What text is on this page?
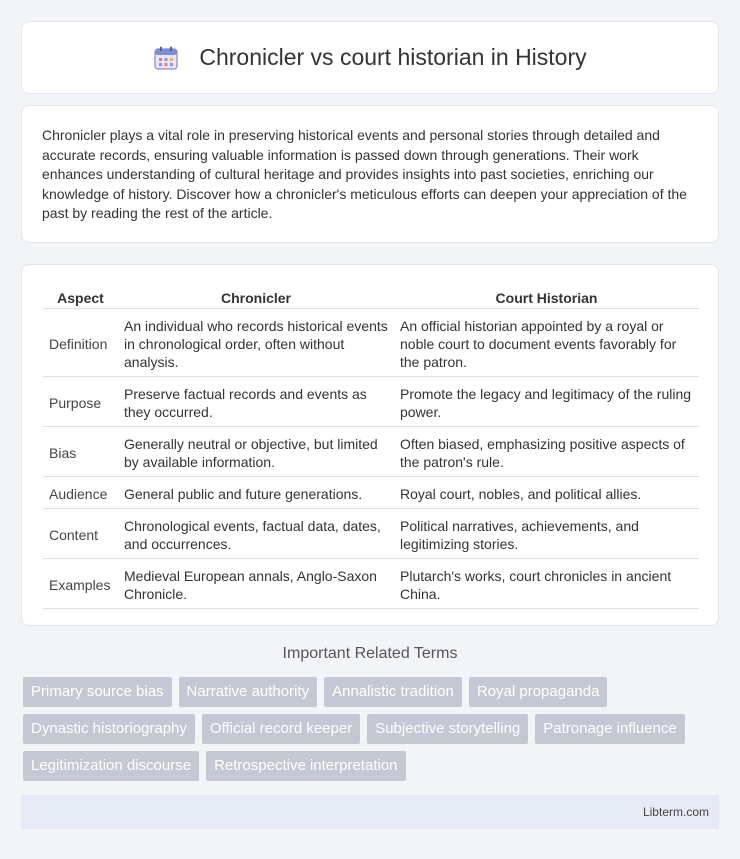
Chronicler vs court historian in History

Chronicler plays a vital role in preserving historical events and personal stories through detailed and accurate records, ensuring valuable information is passed down through generations. Their work enhances understanding of cultural heritage and provides insights into past societies, enriching our knowledge of history. Discover how a chronicler's meticulous efforts can deepen your appreciation of the past by reading the rest of the article.

Aspect	Chronicler	Court Historian
Definition	An individual who records historical events in chronological order, often without analysis.	An official historian appointed by a royal or noble court to document events favorably for the patron.
Purpose	Preserve factual records and events as they occurred.	Promote the legacy and legitimacy of the ruling power.
Bias	Generally neutral or objective, but limited by available information.	Often biased, emphasizing positive aspects of the patron's rule.
Audience	General public and future generations.	Royal court, nobles, and political allies.
Content	Chronological events, factual data, dates, and occurrences.	Political narratives, achievements, and legitimizing stories.
Examples	Medieval European annals, Anglo-Saxon Chronicle.	Plutarch's works, court chronicles in ancient China.
Important Related Terms
Primary source bias	Narrative authority	Annalistic tradition	Royal propaganda
Dynastic historiography	Official record keeper	Subjective storytelling	Patronage influence
Legitimization discourse	Retrospective interpretation
Libterm.com
